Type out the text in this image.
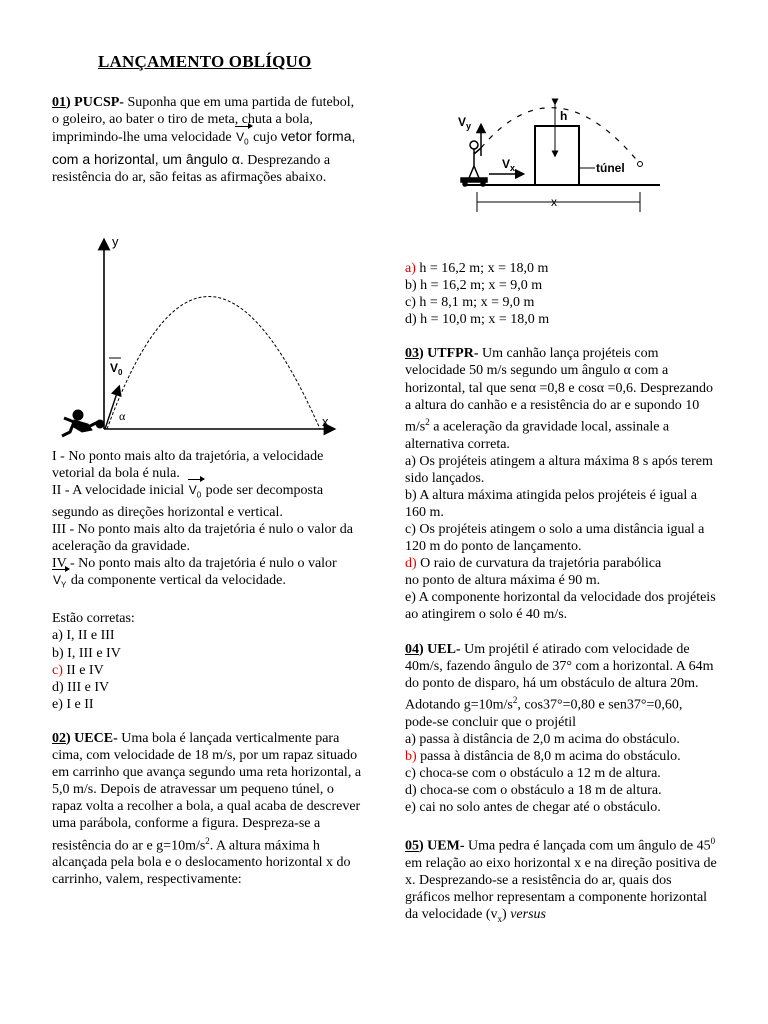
LANÇAMENTO OBLÍQUO

01) PUCSP- Suponha que em uma partida de futebol, o goleiro, ao bater o tiro de meta, chuta a bola, imprimindo-lhe uma velocidade $V_0$ cujo vetor forma, com a horizontal, um ângulo α. Desprezando a resistência do ar, são feitas as afirmações abaixo.

y
x
$V_0$
α

I - No ponto mais alto da trajetória, a velocidade vetorial da bola é nula.

II - A velocidade inicial $V_0$ pode ser decomposta segundo as direções horizontal e vertical.

III - No ponto mais alto da trajetória é nulo o valor da aceleração da gravidade.

IV - No ponto mais alto da trajetória é nulo o valor

$V_Y$ da componente vertical da velocidade.

Estão corretas:

a) I, II e III

b) I, III e IV

c) II e IV

d) III e IV

e) I e II

02) UECE- Uma bola é lançada verticalmente para cima, com velocidade de 18 m/s, por um rapaz situado em carrinho que avança segundo uma reta horizontal, a 5,0 m/s. Depois de atravessar um pequeno túnel, o rapaz volta a recolher a bola, a qual acaba de descrever uma parábola, conforme a figura. Despreza-se a resistência do ar e $g=10m/s^2$. A altura máxima h alcançada pela bola e o deslocamento horizontal x do carrinho, valem, respectivamente:

h
túnel
$V_y$
$V_x$
x

a) h = 16,2 m; x = 18,0 m

b) h = 16,2 m; x = 9,0 m

c) h = 8,1 m; x = 9,0 m

d) h = 10,0 m; x = 18,0 m

03) UTFPR- Um canhão lança projéteis com velocidade 50 m/s segundo um ângulo α com a horizontal, tal que senα =0,8 e cosα =0,6. Desprezando a altura do canhão e a resistência do ar e supondo 10 $m/s^2$ a aceleração da gravidade local, assinale a alternativa correta.

a) Os projéteis atingem a altura máxima 8 s após terem sido lançados.

b) A altura máxima atingida pelos projéteis é igual a 160 m.

c) Os projéteis atingem o solo a uma distância igual a 120 m do ponto de lançamento.

d) O raio de curvatura da trajetória parabólica

no ponto de altura máxima é 90 m.

e) A componente horizontal da velocidade dos projéteis ao atingirem o solo é 40 m/s.

04) UEL- Um projétil é atirado com velocidade de 40m/s, fazendo ângulo de 37° com a horizontal. A 64m do ponto de disparo, há um obstáculo de altura 20m. Adotando $g=10m/s^2$, cos37°=0,80 e sen37°=0,60, pode-se concluir que o projétil

a) passa à distância de 2,0 m acima do obstáculo.

b) passa à distância de 8,0 m acima do obstáculo.

c) choca-se com o obstáculo a 12 m de altura.

d) choca-se com o obstáculo a 18 m de altura.

e) cai no solo antes de chegar até o obstáculo.

05) UEM- Uma pedra é lançada com um ângulo de $45^0$ em relação ao eixo horizontal x e na direção positiva de x. Desprezando-se a resistência do ar, quais dos gráficos melhor representam a componente horizontal da velocidade $(v_x)$ versus
